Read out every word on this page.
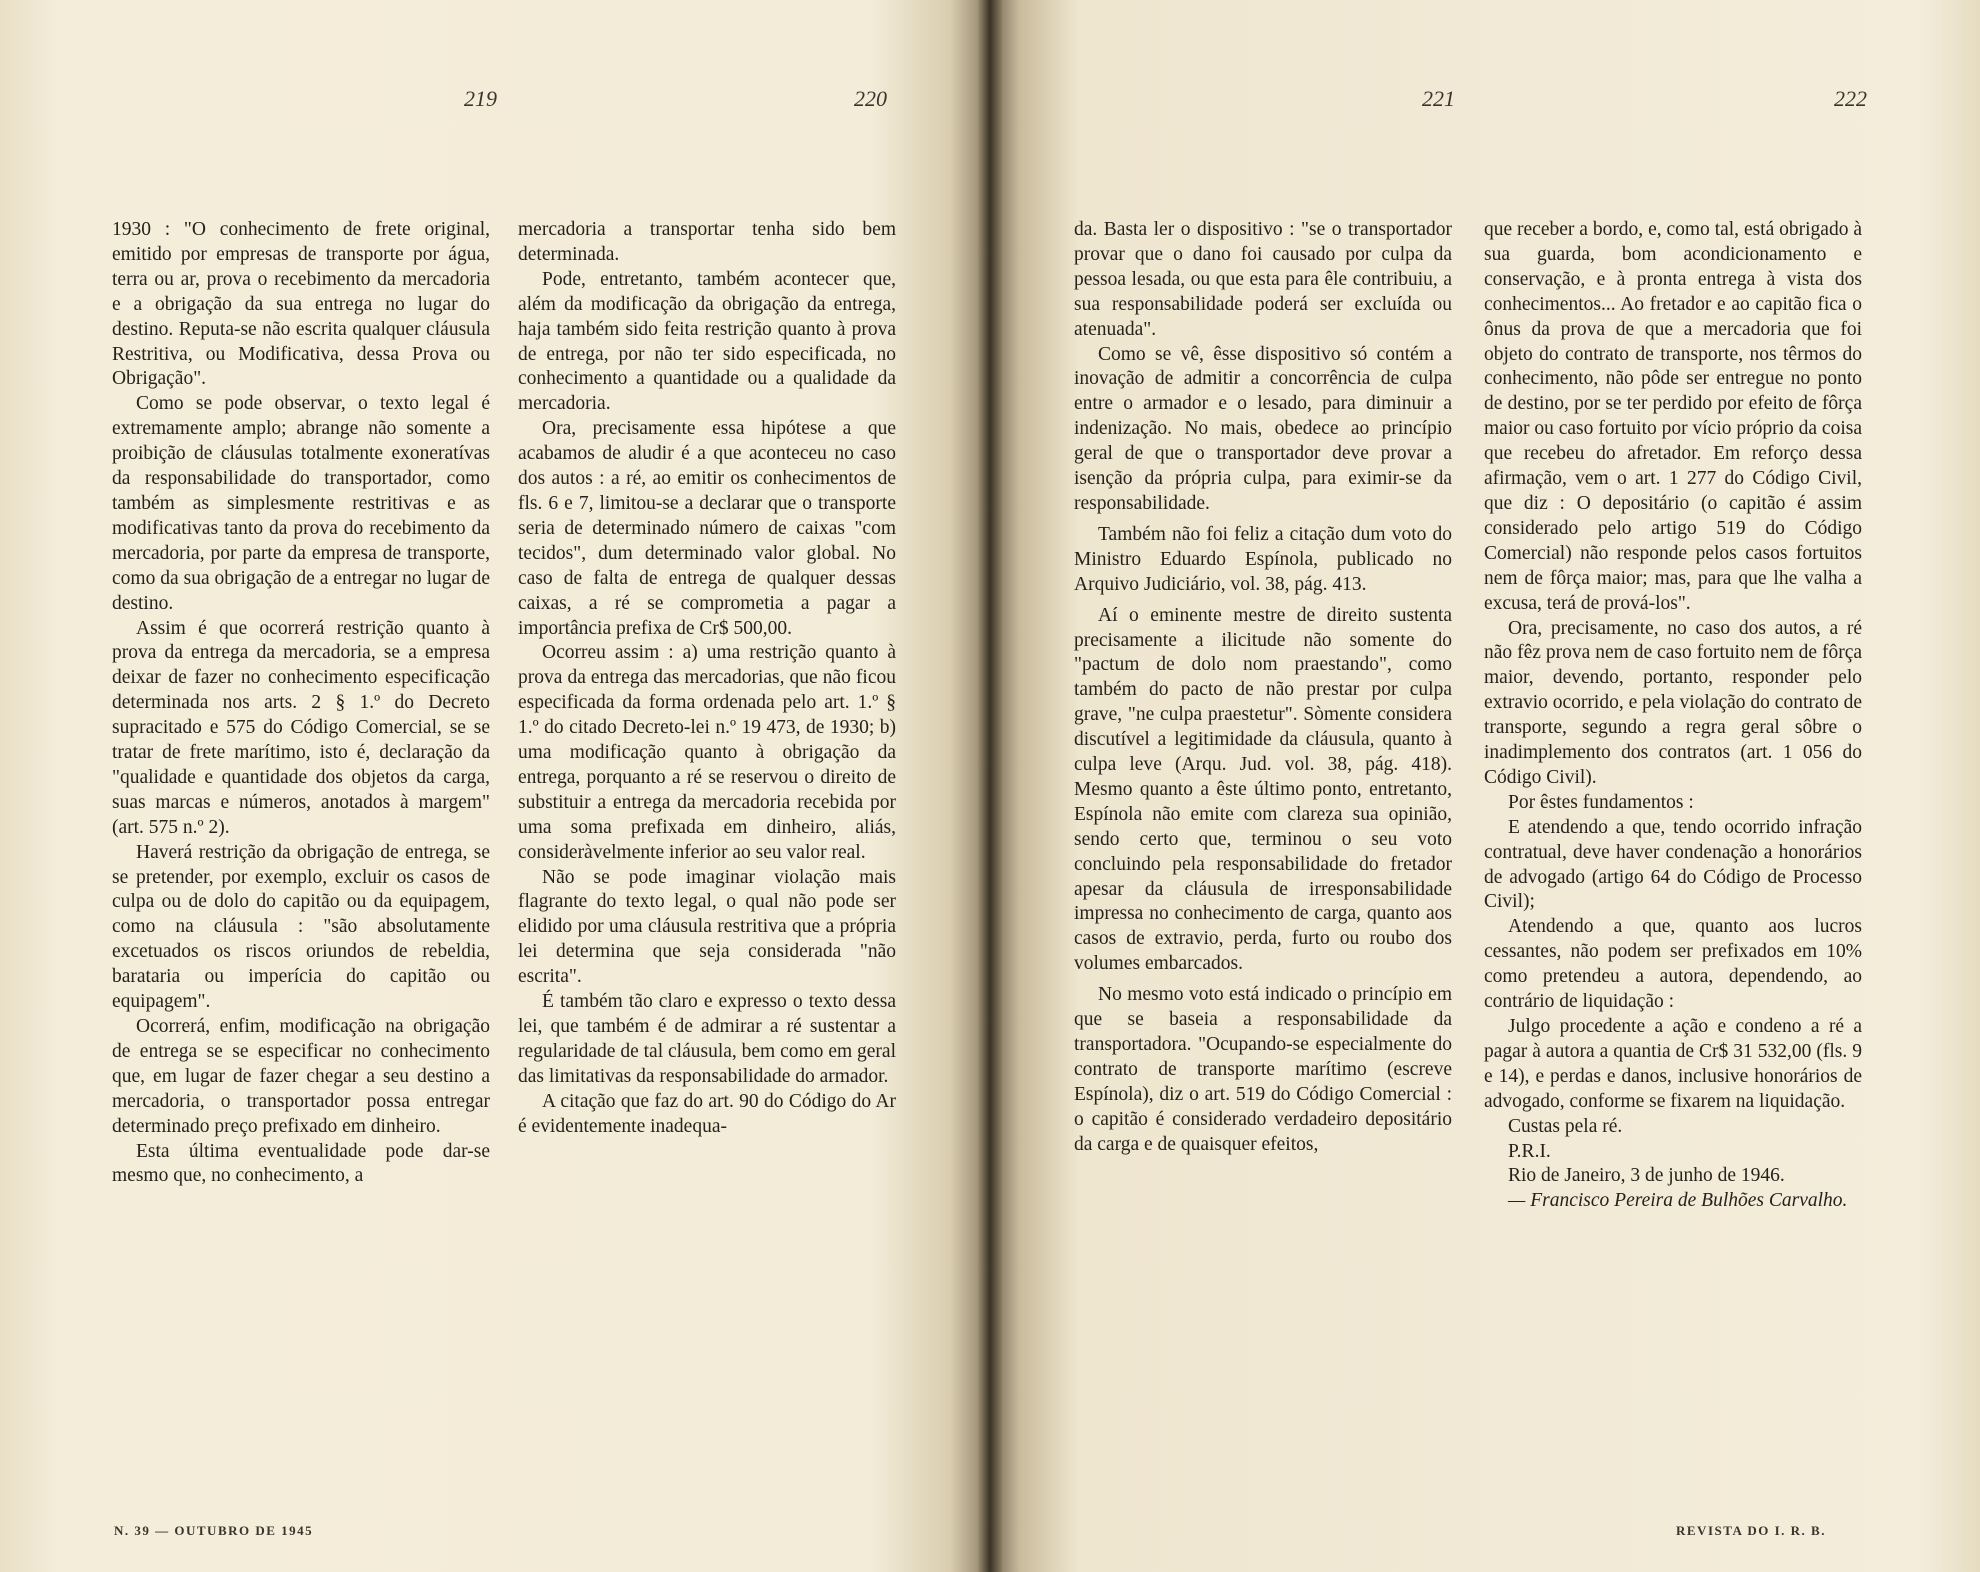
219	220

1930 : "O conhecimento de frete original, emitido por empresas de transporte por água, terra ou ar, prova o recebimento da mercadoria e a obrigação da sua entrega no lugar do destino. Reputa-se não escrita qualquer cláusula Restritiva, ou Modificativa, dessa Prova ou Obrigação".

Como se pode observar, o texto legal é extremamente amplo; abrange não somente a proibição de cláusulas totalmente exoneratívas da responsabilidade do transportador, como também as simplesmente restritivas e as modificativas tanto da prova do recebimento da mercadoria, por parte da empresa de transporte, como da sua obrigação de a entregar no lugar de destino.

Assim é que ocorrerá restrição quanto à prova da entrega da mercadoria, se a empresa deixar de fazer no conhecimento especificação determinada nos arts. 2 § 1.º do Decreto supracitado e 575 do Código Comercial, se se tratar de frete marítimo, isto é, declaração da "qualidade e quantidade dos objetos da carga, suas marcas e números, anotados à margem" (art. 575 n.º 2).

Haverá restrição da obrigação de entrega, se se pretender, por exemplo, excluir os casos de culpa ou de dolo do capitão ou da equipagem, como na cláusula : "são absolutamente excetuados os riscos oriundos de rebeldia, barataria ou imperícia do capitão ou equipagem".

Ocorrerá, enfim, modificação na obrigação de entrega se se especificar no conhecimento que, em lugar de fazer chegar a seu destino a mercadoria, o transportador possa entregar determinado preço prefixado em dinheiro.

Esta última eventualidade pode dar-se mesmo que, no conhecimento, a

mercadoria a transportar tenha sido bem determinada.

Pode, entretanto, também acontecer que, além da modificação da obrigação da entrega, haja também sido feita restrição quanto à prova de entrega, por não ter sido especificada, no conhecimento a quantidade ou a qualidade da mercadoria.

Ora, precisamente essa hipótese a que acabamos de aludir é a que aconteceu no caso dos autos : a ré, ao emitir os conhecimentos de fls. 6 e 7, limitou-se a declarar que o transporte seria de determinado número de caixas "com tecidos", dum determinado valor global. No caso de falta de entrega de qualquer dessas caixas, a ré se comprometia a pagar a importância prefixa de Cr$ 500,00.

Ocorreu assim : a) uma restrição quanto à prova da entrega das mercadorias, que não ficou especificada da forma ordenada pelo art. 1.º § 1.º do citado Decreto-lei n.º 19 473, de 1930; b) uma modificação quanto à obrigação da entrega, porquanto a ré se reservou o direito de substituir a entrega da mercadoria recebida por uma soma prefixada em dinheiro, aliás, consideràvelmente inferior ao seu valor real.

Não se pode imaginar violação mais flagrante do texto legal, o qual não pode ser elidido por uma cláusula restritiva que a própria lei determina que seja considerada "não escrita".

É também tão claro e expresso o texto dessa lei, que também é de admirar a ré sustentar a regularidade de tal cláusula, bem como em geral das limitativas da responsabilidade do armador.

A citação que faz do art. 90 do Código do Ar é evidentemente inadequa-

N. 39 — OUTUBRO DE 1945
221	222

da. Basta ler o dispositivo : "se o transportador provar que o dano foi causado por culpa da pessoa lesada, ou que esta para êle contribuiu, a sua responsabilidade poderá ser excluída ou atenuada".

Como se vê, êsse dispositivo só contém a inovação de admitir a concorrência de culpa entre o armador e o lesado, para diminuir a indenização. No mais, obedece ao princípio geral de que o transportador deve provar a isenção da própria culpa, para eximir-se da responsabilidade.

Também não foi feliz a citação dum voto do Ministro Eduardo Espínola, publicado no Arquivo Judiciário, vol. 38, pág. 413.

Aí o eminente mestre de direito sustenta precisamente a ilicitude não somente do "pactum de dolo nom praestando", como também do pacto de não prestar por culpa grave, "ne culpa praestetur". Sòmente considera discutível a legitimidade da cláusula, quanto à culpa leve (Arqu. Jud. vol. 38, pág. 418). Mesmo quanto a êste último ponto, entretanto, Espínola não emite com clareza sua opinião, sendo certo que, terminou o seu voto concluindo pela responsabilidade do fretador apesar da cláusula de irresponsabilidade impressa no conhecimento de carga, quanto aos casos de extravio, perda, furto ou roubo dos volumes embarcados.

No mesmo voto está indicado o princípio em que se baseia a responsabilidade da transportadora. "Ocupando-se especialmente do contrato de transporte marítimo (escreve Espínola), diz o art. 519 do Código Comercial : o capitão é considerado verdadeiro depositário da carga e de quaisquer efeitos,

que receber a bordo, e, como tal, está obrigado à sua guarda, bom acondicionamento e conservação, e à pronta entrega à vista dos conhecimentos... Ao fretador e ao capitão fica o ônus da prova de que a mercadoria que foi objeto do contrato de transporte, nos têrmos do conhecimento, não pôde ser entregue no ponto de destino, por se ter perdido por efeito de fôrça maior ou caso fortuito por vício próprio da coisa que recebeu do afretador. Em reforço dessa afirmação, vem o art. 1 277 do Código Civil, que diz : O depositário (o capitão é assim considerado pelo artigo 519 do Código Comercial) não responde pelos casos fortuitos nem de fôrça maior; mas, para que lhe valha a excusa, terá de prová-los".

Ora, precisamente, no caso dos autos, a ré não fêz prova nem de caso fortuito nem de fôrça maior, devendo, portanto, responder pelo extravio ocorrido, e pela violação do contrato de transporte, segundo a regra geral sôbre o inadimplemento dos contratos (art. 1 056 do Código Civil).

Por êstes fundamentos :

E atendendo a que, tendo ocorrido infração contratual, deve haver condenação a honorários de advogado (artigo 64 do Código de Processo Civil);

Atendendo a que, quanto aos lucros cessantes, não podem ser prefixados em 10% como pretendeu a autora, dependendo, ao contrário de liquidação :

Julgo procedente a ação e condeno a ré a pagar à autora a quantia de Cr$ 31 532,00 (fls. 9 e 14), e perdas e danos, inclusive honorários de advogado, conforme se fixarem na liquidação.

Custas pela ré.

P.R.I.

Rio de Janeiro, 3 de junho de 1946.

— Francisco Pereira de Bulhões Carvalho.

REVISTA DO I. R. B.
